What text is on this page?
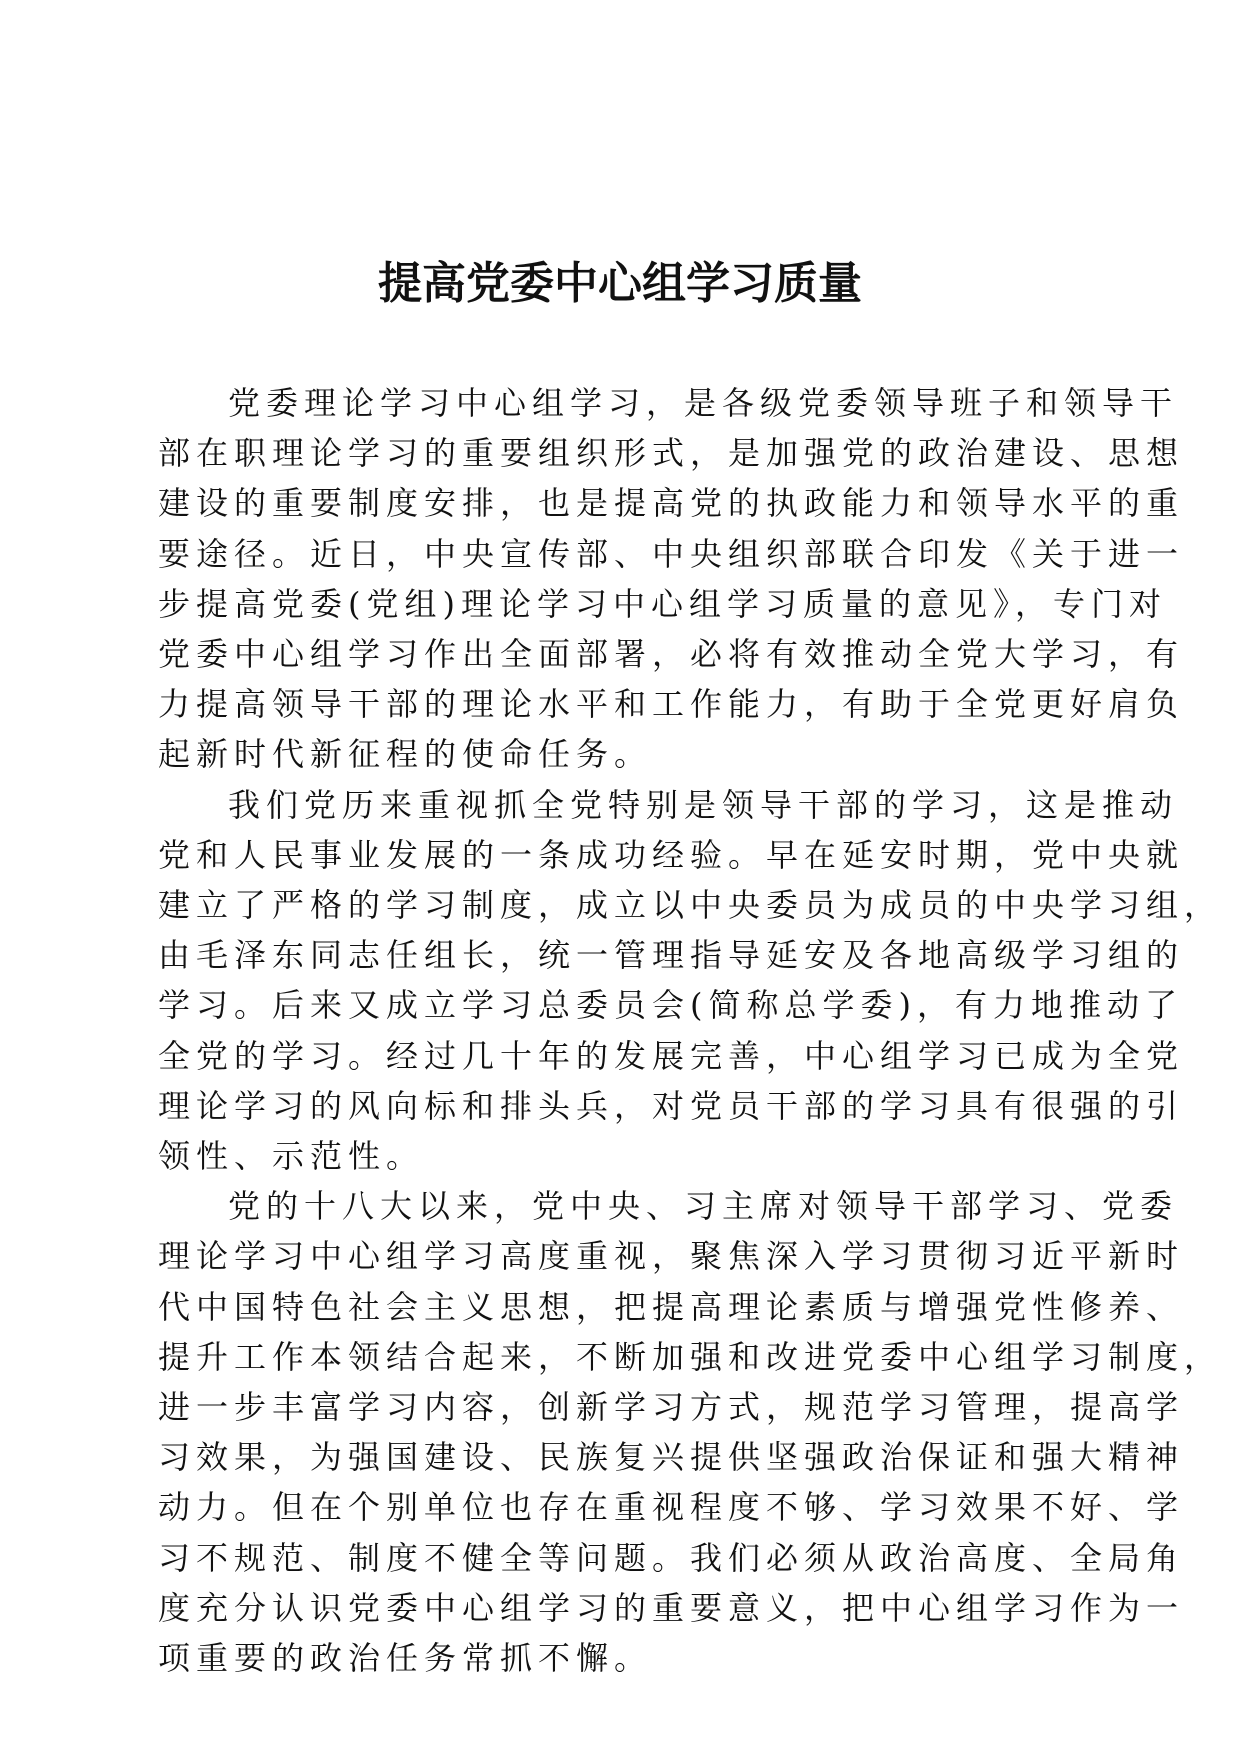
提高党委中心组学习质量

党委理论学习中心组学习，是各级党委领导班子和领导干
部在职理论学习的重要组织形式，是加强党的政治建设、思想
建设的重要制度安排，也是提高党的执政能力和领导水平的重
要途径。近日，中央宣传部、中央组织部联合印发《关于进一
步提高党委(党组)理论学习中心组学习质量的意见》，专门对
党委中心组学习作出全面部署，必将有效推动全党大学习，有
力提高领导干部的理论水平和工作能力，有助于全党更好肩负
起新时代新征程的使命任务。

我们党历来重视抓全党特别是领导干部的学习，这是推动
党和人民事业发展的一条成功经验。早在延安时期，党中央就
建立了严格的学习制度，成立以中央委员为成员的中央学习组，
由毛泽东同志任组长，统一管理指导延安及各地高级学习组的
学习。后来又成立学习总委员会(简称总学委)，有力地推动了
全党的学习。经过几十年的发展完善，中心组学习已成为全党
理论学习的风向标和排头兵，对党员干部的学习具有很强的引
领性、示范性。

党的十八大以来，党中央、习主席对领导干部学习、党委
理论学习中心组学习高度重视，聚焦深入学习贯彻习近平新时
代中国特色社会主义思想，把提高理论素质与增强党性修养、
提升工作本领结合起来，不断加强和改进党委中心组学习制度，
进一步丰富学习内容，创新学习方式，规范学习管理，提高学
习效果，为强国建设、民族复兴提供坚强政治保证和强大精神
动力。但在个别单位也存在重视程度不够、学习效果不好、学
习不规范、制度不健全等问题。我们必须从政治高度、全局角
度充分认识党委中心组学习的重要意义，把中心组学习作为一
项重要的政治任务常抓不懈。
